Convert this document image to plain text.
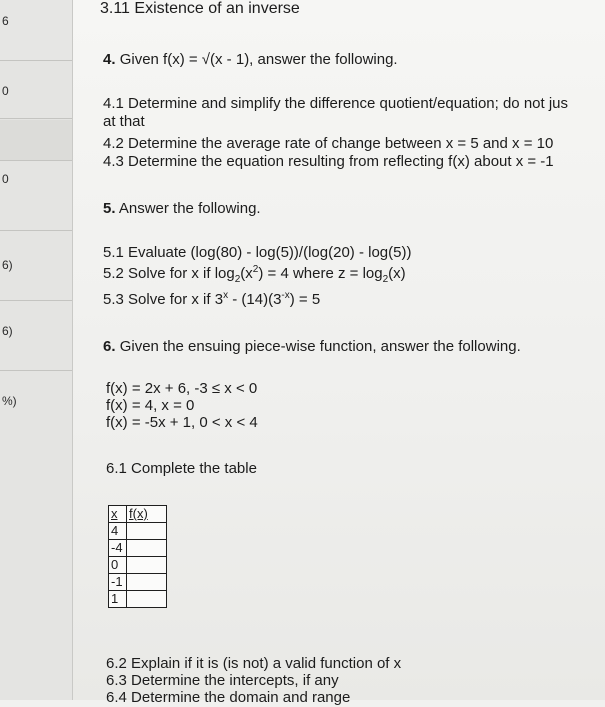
6
0
0
6)
6)
%)
3.11 Existence of an inverse
4. Given f(x) = √(x - 1), answer the following.
4.1 Determine and simplify the difference quotient/equation; do not jus
at that
4.2 Determine the average rate of change between x = 5 and x = 10
4.3 Determine the equation resulting from reflecting f(x) about x = -1
5. Answer the following.
5.1 Evaluate (log(80) - log(5))/(log(20) - log(5))
5.2 Solve for x if $\log_2(x^2) = 4$ where $z = \log_2(x)$
5.3 Solve for x if $3^x - (14)(3^{-x}) = 5$
6. Given the ensuing piece-wise function, answer the following.
f(x) = 2x + 6, -3 ≤ x < 0
f(x) = 4, x = 0
f(x) = -5x + 1, 0 < x < 4
6.1 Complete the table
x	f(x)
4	
-4	
0	
-1	
1	
6.2 Explain if it is (is not) a valid function of x
6.3 Determine the intercepts, if any
6.4 Determine the domain and range
